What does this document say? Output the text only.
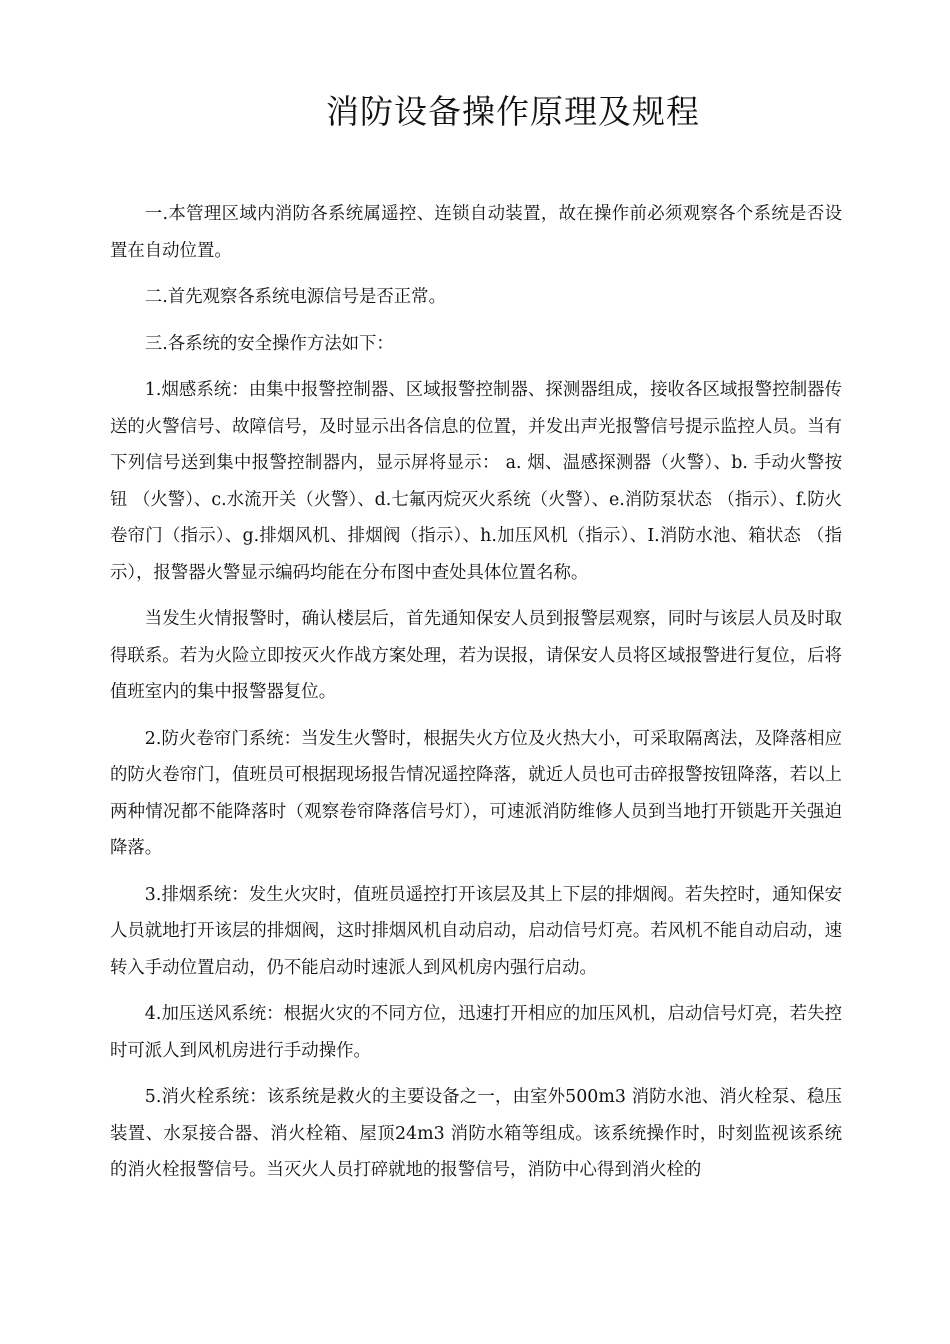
消防设备操作原理及规程

一.本管理区域内消防各系统属遥控、连锁自动装置，故在操作前必须观察各个系统是否设置在自动位置。

二.首先观察各系统电源信号是否正常。

三.各系统的安全操作方法如下：

1.烟感系统：由集中报警控制器、区域报警控制器、探测器组成，接收各区域报警控制器传送的火警信号、故障信号，及时显示出各信息的位置，并发出声光报警信号提示监控人员。当有下列信号送到集中报警控制器内，显示屏将显示： a. 烟、温感探测器（火警）、b. 手动火警按钮 （火警）、c.水流开关（火警）、d.七氟丙烷灭火系统（火警）、e.消防泵状态 （指示）、f.防火卷帘门（指示）、g.排烟风机、排烟阀（指示）、h.加压风机（指示）、I.消防水池、箱状态 （指示），报警器火警显示编码均能在分布图中查处具体位置名称。

当发生火情报警时，确认楼层后，首先通知保安人员到报警层观察，同时与该层人员及时取得联系。若为火险立即按灭火作战方案处理，若为误报，请保安人员将区域报警进行复位，后将值班室内的集中报警器复位。

2.防火卷帘门系统：当发生火警时，根据失火方位及火热大小，可采取隔离法，及降落相应的防火卷帘门，值班员可根据现场报告情况遥控降落，就近人员也可击碎报警按钮降落，若以上两种情况都不能降落时（观察卷帘降落信号灯），可速派消防维修人员到当地打开锁匙开关强迫降落。

3.排烟系统：发生火灾时，值班员遥控打开该层及其上下层的排烟阀。若失控时，通知保安人员就地打开该层的排烟阀，这时排烟风机自动启动，启动信号灯亮。若风机不能自动启动，速转入手动位置启动，仍不能启动时速派人到风机房内强行启动。

4.加压送风系统：根据火灾的不同方位，迅速打开相应的加压风机，启动信号灯亮，若失控时可派人到风机房进行手动操作。

5.消火栓系统：该系统是救火的主要设备之一，由室外500m3 消防水池、消火栓泵、稳压装置、水泵接合器、消火栓箱、屋顶24m3 消防水箱等组成。该系统操作时，时刻监视该系统的消火栓报警信号。当灭火人员打碎就地的报警信号，消防中心得到消火栓的
